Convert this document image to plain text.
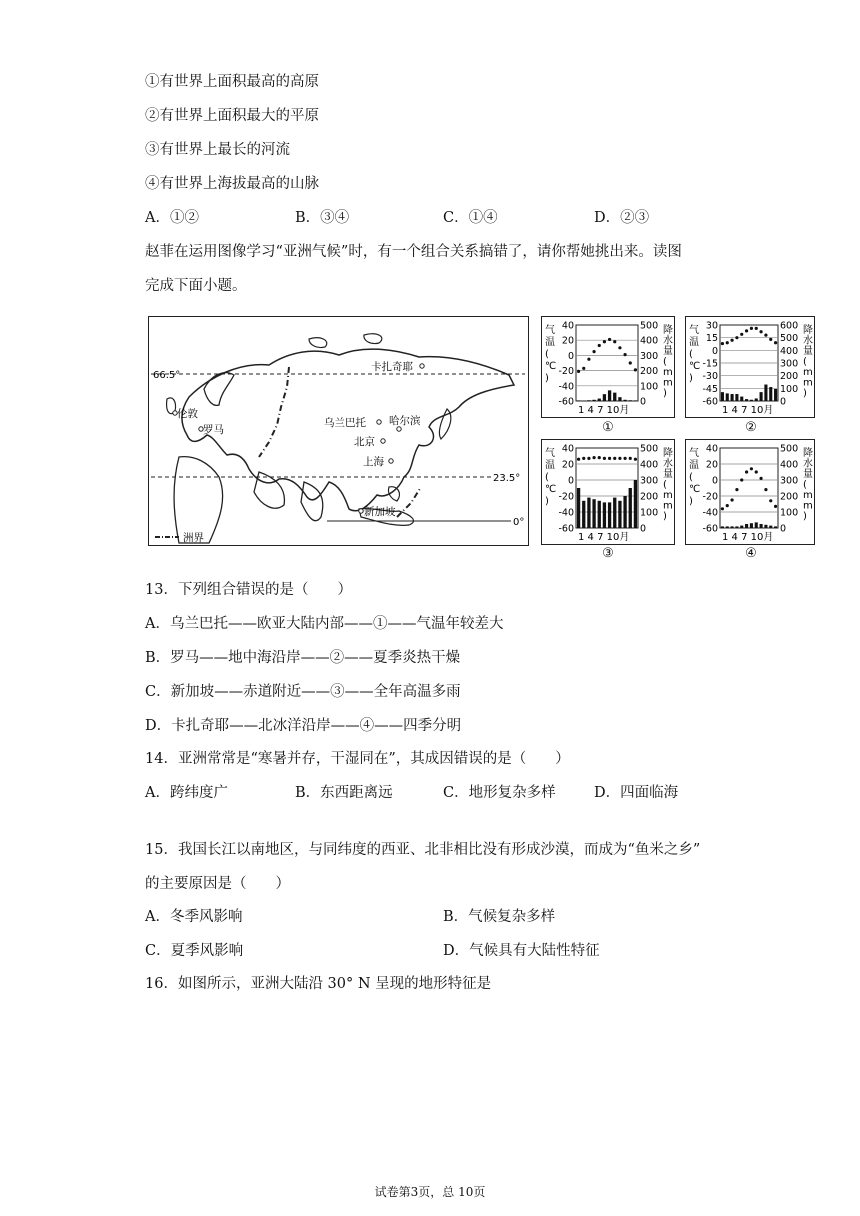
①有世界上面积最高的高原
②有世界上面积最大的平原
③有世界上最长的河流
④有世界上海拔最高的山脉
A．①②	B．③④	C．①④	D．②③
赵菲在运用图像学习“亚洲气候”时，有一个组合关系搞错了，请你帮她挑出来。读图
完成下面小题。
66.5°
23.5°
0°
卡扎奇耶
伦敦
罗马
乌兰巴托 哈尔滨
北京
上海
新加坡
洲界
40
20
0
-20
-40
-60
500
400
300
200
100
0
气
温
(
℃
)
降
水
量
(
m
m
)
1 4 7 10月
①
30
15
0
-15
-30
-45
-60
600
500
400
300
200
100
0
气
温
(
℃
)
降
水
量
(
m
m
)
1 4 7 10月
②
40
20
0
-20
-40
-60
500
400
300
200
100
0
气
温
(
℃
)
降
水
量
(
m
m
)
1 4 7 10月
③
40
20
0
-20
-40
-60
500
400
300
200
100
0
气
温
(
℃
)
降
水
量
(
m
m
)
1 4 7 10月
④
13．下列组合错误的是（　　）
A．乌兰巴托——欧亚大陆内部——①——气温年较差大
B．罗马——地中海沿岸——②——夏季炎热干燥
C．新加坡——赤道附近——③——全年高温多雨
D．卡扎奇耶——北冰洋沿岸——④——四季分明
14．亚洲常常是“寒暑并存，干湿同在”，其成因错误的是（　　）
A．跨纬度广	B．东西距离远	C．地形复杂多样	D．四面临海
15．我国长江以南地区，与同纬度的西亚、北非相比没有形成沙漠，而成为“鱼米之乡”
的主要原因是（　　）
A．冬季风影响	B．气候复杂多样
C．夏季风影响	D．气候具有大陆性特征
16．如图所示，亚洲大陆沿 30° N 呈现的地形特征是
试卷第3页，总 10页
